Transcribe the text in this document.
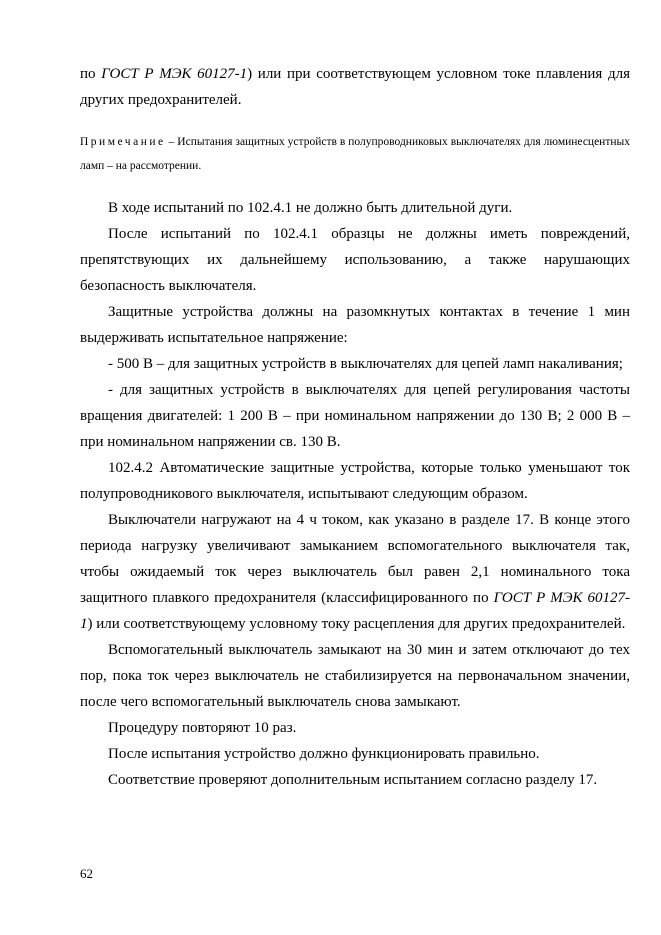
по ГОСТ Р МЭК 60127-1) или при соответствующем условном токе плавления для других предохранителей.

Примечание – Испытания защитных устройств в полупроводниковых выключателях для люминесцентных ламп – на рассмотрении.

В ходе испытаний по 102.4.1 не должно быть длительной дуги.

После испытаний по 102.4.1 образцы не должны иметь повреждений, препятствующих их дальнейшему использованию, а также нарушающих безопасность выключателя.

Защитные устройства должны на разомкнутых контактах в течение 1 мин выдерживать испытательное напряжение:

- 500 В – для защитных устройств в выключателях для цепей ламп накаливания;

- для защитных устройств в выключателях для цепей регулирования частоты вращения двигателей: 1 200 В – при номинальном напряжении до 130 В; 2 000 В – при номинальном напряжении св. 130 В.

102.4.2 Автоматические защитные устройства, которые только уменьшают ток полупроводникового выключателя, испытывают следующим образом.

Выключатели нагружают на 4 ч током, как указано в разделе 17. В конце этого периода нагрузку увеличивают замыканием вспомогательного выключателя так, чтобы ожидаемый ток через выключатель был равен 2,1 номинального тока защитного плавкого предохранителя (классифицированного по ГОСТ Р МЭК 60127-1) или соответствующему условному току расцепления для других предохранителей.

Вспомогательный выключатель замыкают на 30 мин и затем отключают до тех пор, пока ток через выключатель не стабилизируется на первоначальном значении, после чего вспомогательный выключатель снова замыкают.

Процедуру повторяют 10 раз.

После испытания устройство должно функционировать правильно.

Соответствие проверяют дополнительным испытанием согласно разделу 17.

62
